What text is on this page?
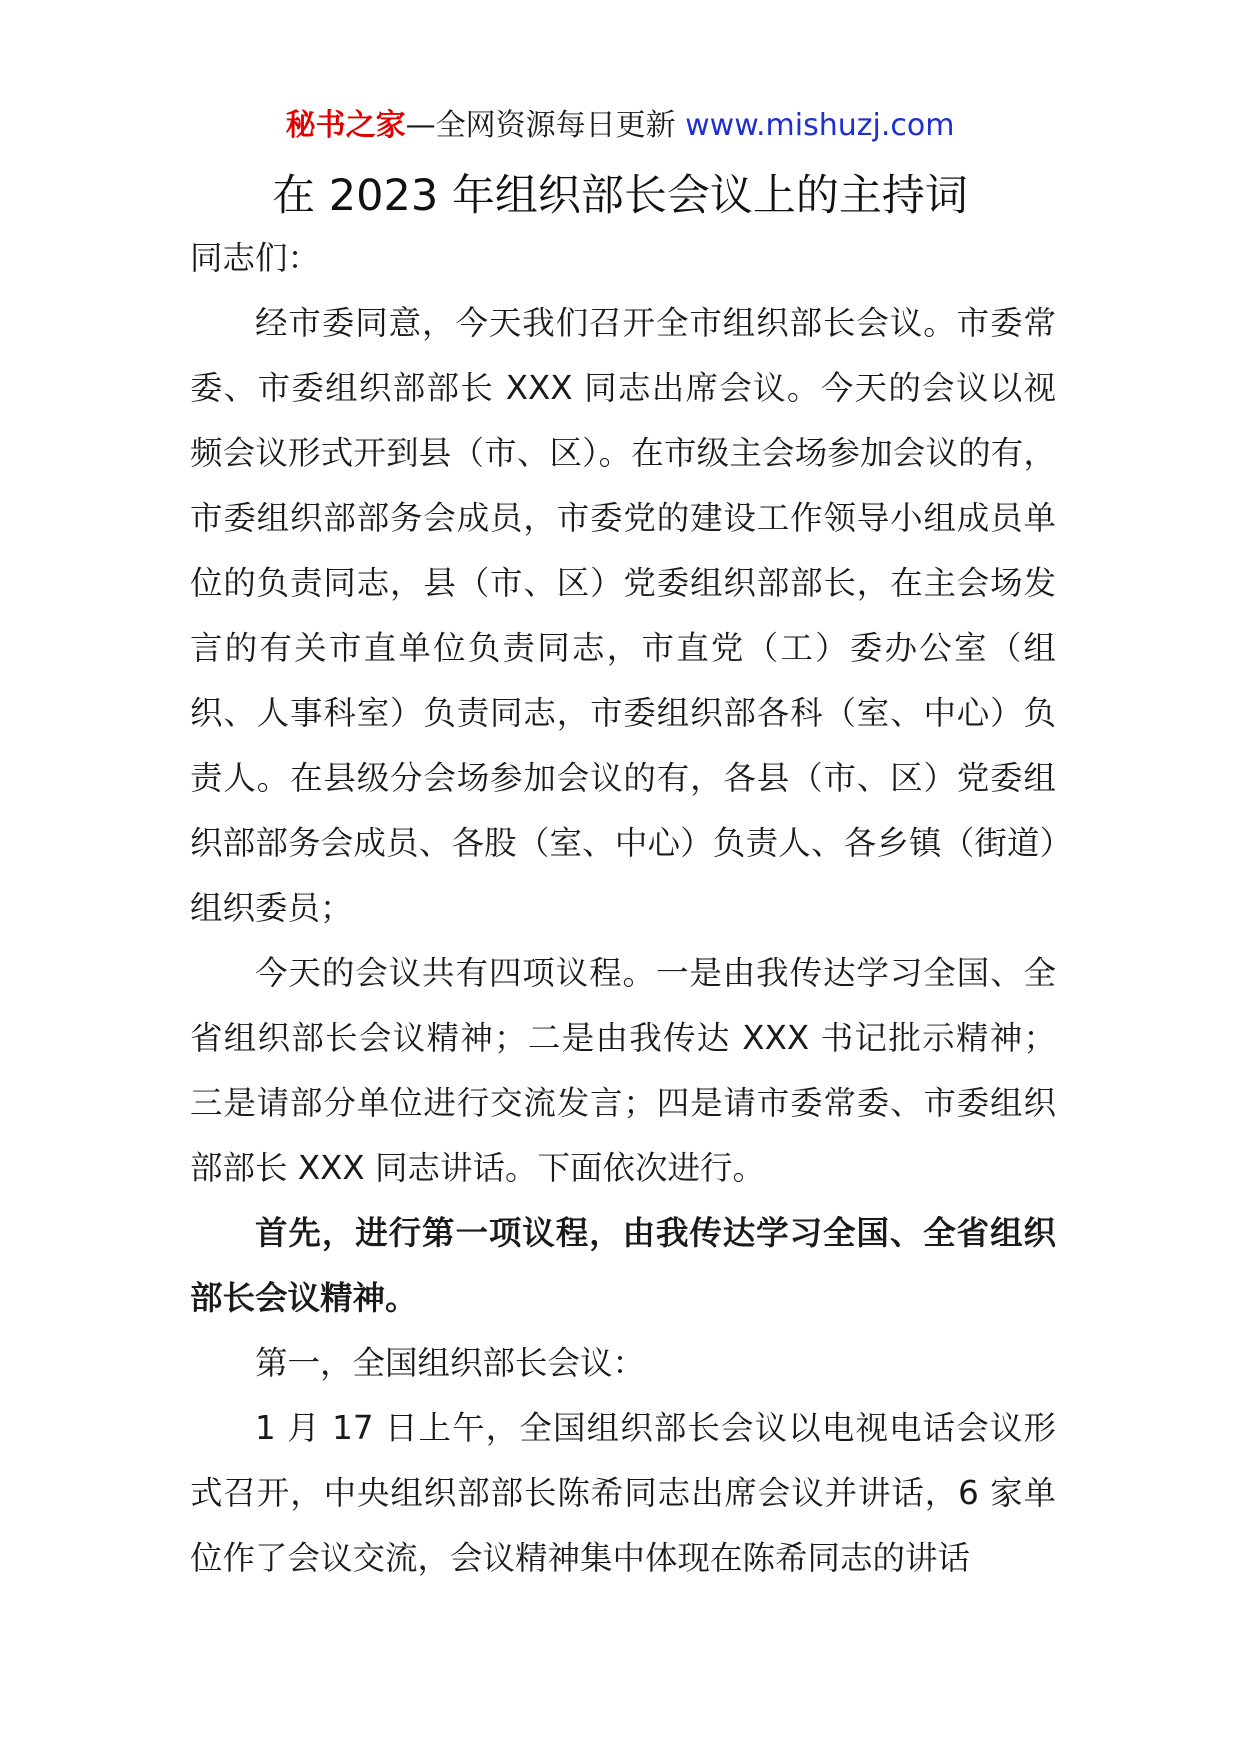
秘书之家—全网资源每日更新 www.mishuzj.com
在 2023 年组织部长会议上的主持词

同志们：

经市委同意，今天我们召开全市组织部长会议。市委常委、市委组织部部长 XXX 同志出席会议。今天的会议以视频会议形式开到县（市、区）。在市级主会场参加会议的有，市委组织部部务会成员，市委党的建设工作领导小组成员单位的负责同志，县（市、区）党委组织部部长，在主会场发言的有关市直单位负责同志，市直党（工）委办公室（组织、人事科室）负责同志，市委组织部各科（室、中心）负责人。在县级分会场参加会议的有，各县（市、区）党委组织部部务会成员、各股（室、中心）负责人、各乡镇（街道）组织委员；

今天的会议共有四项议程。一是由我传达学习全国、全省组织部长会议精神；二是由我传达 XXX 书记批示精神；三是请部分单位进行交流发言；四是请市委常委、市委组织部部长 XXX 同志讲话。下面依次进行。

首先，进行第一项议程，由我传达学习全国、全省组织部长会议精神。

第一，全国组织部长会议：

1 月 17 日上午，全国组织部长会议以电视电话会议形式召开，中央组织部部长陈希同志出席会议并讲话，6 家单位作了会议交流，会议精神集中体现在陈希同志的讲话
